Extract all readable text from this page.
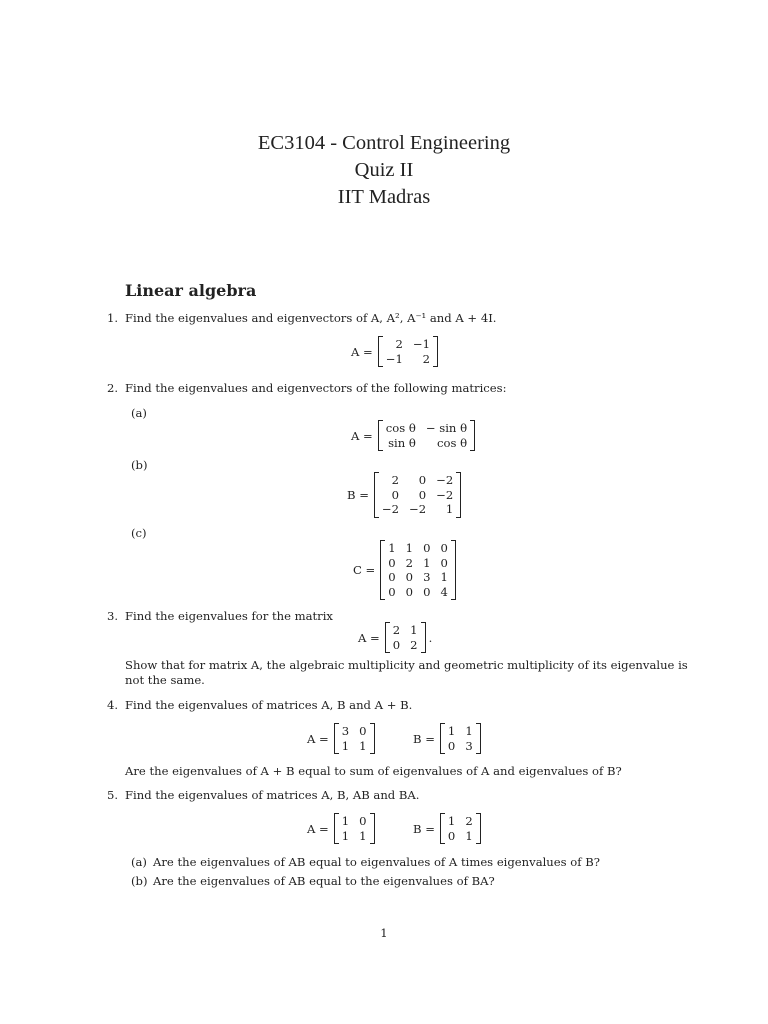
EC3104 - Control Engineering
Quiz II
IIT Madras
Linear algebra
1. Find the eigenvalues and eigenvectors of A, A², A⁻¹ and A + 4I.
A =
2 −1
−1	2
2. Find the eigenvalues and eigenvectors of the following matrices:
(a)
A =
cos θ − sin θ
sin θ	cos θ
(b)
B =
2	0 −2
0	0 −2
−2 −2	1
(c)
C =
1 1 0 0
0 2 1 0
0 0 3 1
0 0 0 4
3. Find the eigenvalues for the matrix
A =
2 1
0 2 .
Show that for matrix A, the algebraic multiplicity and geometric multiplicity of its eigenvalue is
not the same.
4. Find the eigenvalues of matrices A, B and A + B.
A =
3 0
1 1	B =
1 1
0 3
Are the eigenvalues of A + B equal to sum of eigenvalues of A and eigenvalues of B?
5. Find the eigenvalues of matrices A, B, AB and BA.
A =
1 0
1 1	B =
1 2
0 1
(a) Are the eigenvalues of AB equal to eigenvalues of A times eigenvalues of B?
(b) Are the eigenvalues of AB equal to the eigenvalues of BA?
1
